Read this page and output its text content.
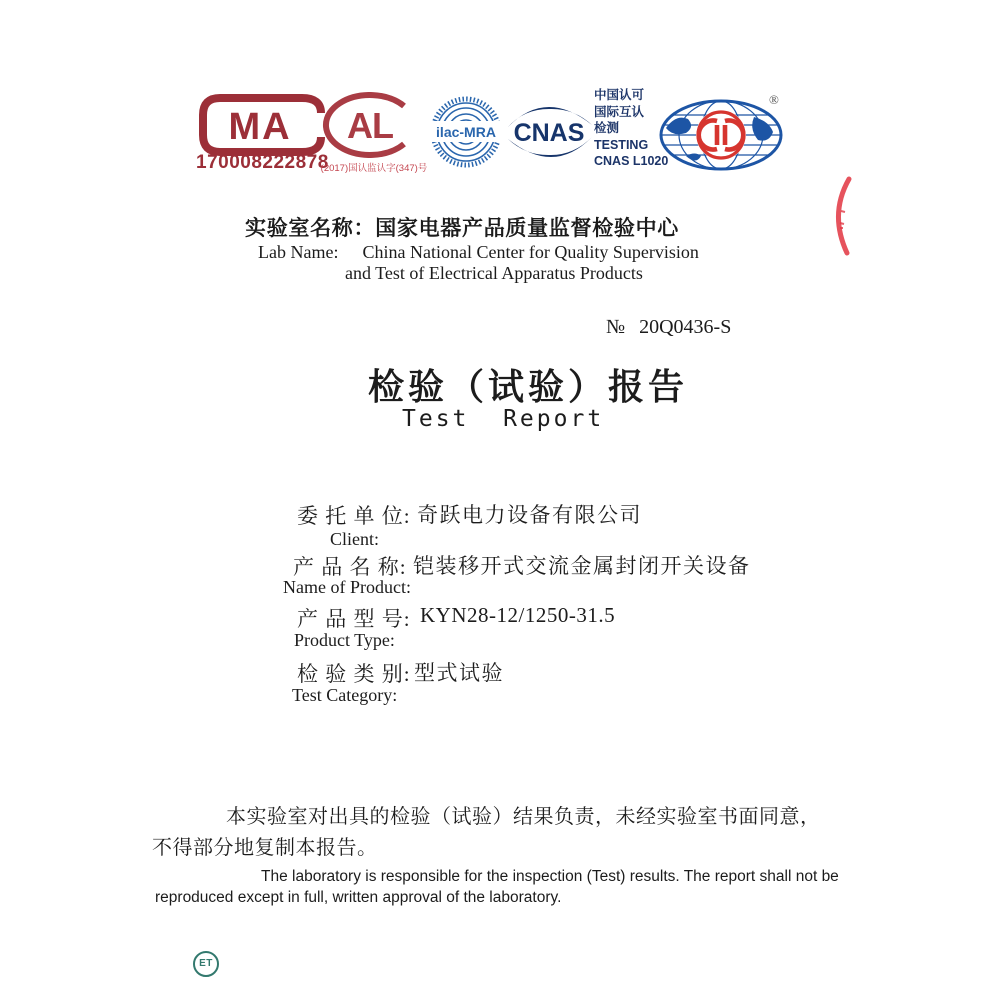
MA
170008222878
AL
(2017)国认监认字(347)号
ilac-MRA CNAS
中国认可
国际互认
检测
TESTING
CNAS L1020
®
实验室名称：国家电器产品质量监督检验中心
Lab Name: China National Center for Quality Supervision
and Test of Electrical Apparatus Products
№ 20Q0436-S
检验（试验）报告
Test  Report
委 托 单 位: 奇跃电力设备有限公司
Client:
产 品 名 称: 铠装移开式交流金属封闭开关设备
Name of Product:
产 品 型 号: KYN28-12/1250-31.5
Product Type:
检 验 类 别: 型式试验
Test Category:
本实验室对出具的检验（试验）结果负责，未经实验室书面同意，不得部分地复制本报告。
The laboratory is responsible for the inspection (Test) results. The report shall not be reproduced except in full, written approval of the laboratory.
ET
